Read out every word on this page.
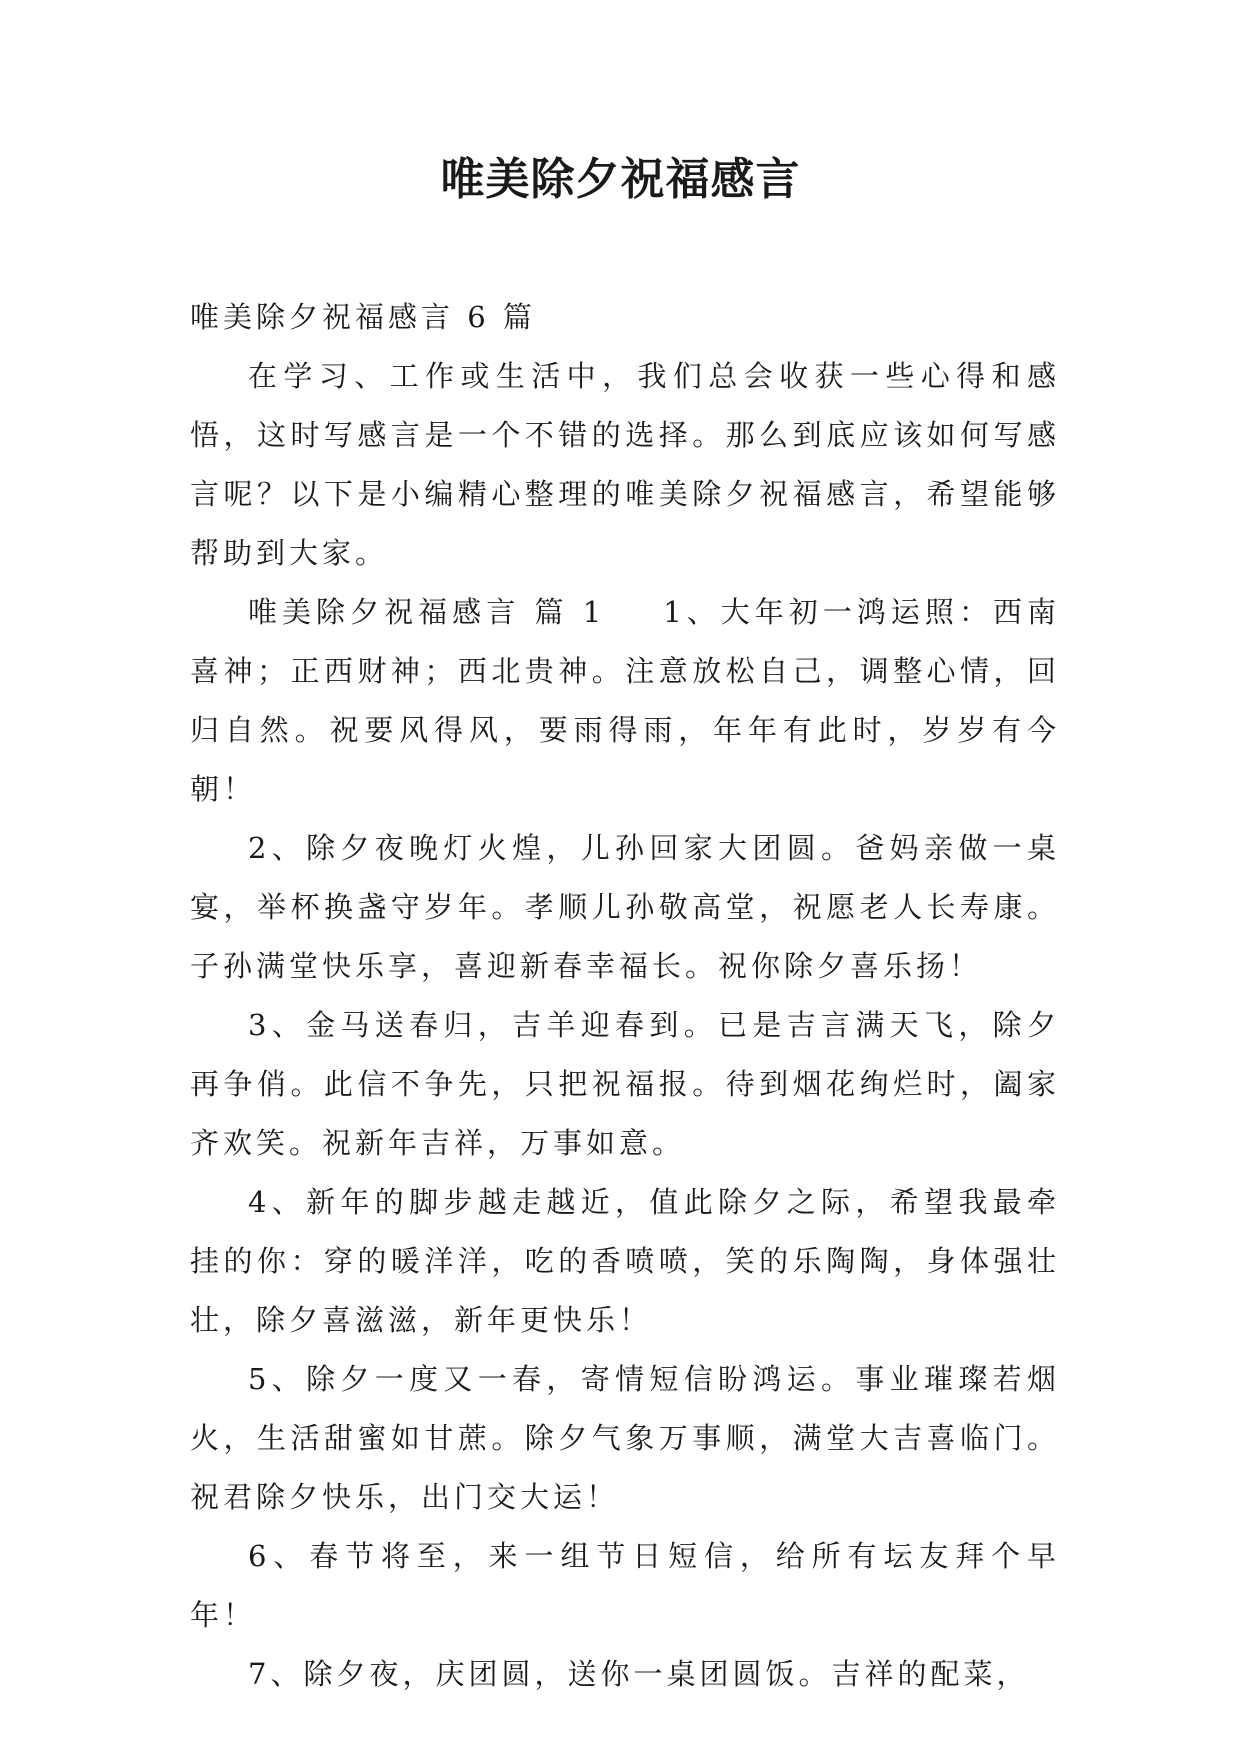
唯美除夕祝福感言

唯美除夕祝福感言 6 篇

在学习、工作或生活中，我们总会收获一些心得和感悟，这时写感言是一个不错的选择。那么到底应该如何写感言呢？以下是小编精心整理的唯美除夕祝福感言，希望能够帮助到大家。

唯美除夕祝福感言 篇 1 1、大年初一鸿运照：西南喜神；正西财神；西北贵神。注意放松自己，调整心情，回归自然。祝要风得风，要雨得雨，年年有此时，岁岁有今朝！

2、除夕夜晚灯火煌，儿孙回家大团圆。爸妈亲做一桌宴，举杯换盏守岁年。孝顺儿孙敬高堂，祝愿老人长寿康。子孙满堂快乐享，喜迎新春幸福长。祝你除夕喜乐扬！

3、金马送春归，吉羊迎春到。已是吉言满天飞，除夕再争俏。此信不争先，只把祝福报。待到烟花绚烂时，阖家齐欢笑。祝新年吉祥，万事如意。

4、新年的脚步越走越近，值此除夕之际，希望我最牵挂的你：穿的暖洋洋，吃的香喷喷，笑的乐陶陶，身体强壮壮，除夕喜滋滋，新年更快乐！

5、除夕一度又一春，寄情短信盼鸿运。事业璀璨若烟火，生活甜蜜如甘蔗。除夕气象万事顺，满堂大吉喜临门。祝君除夕快乐，出门交大运！

6、春节将至，来一组节日短信，给所有坛友拜个早年！

7、除夕夜，庆团圆，送你一桌团圆饭。吉祥的配菜，
